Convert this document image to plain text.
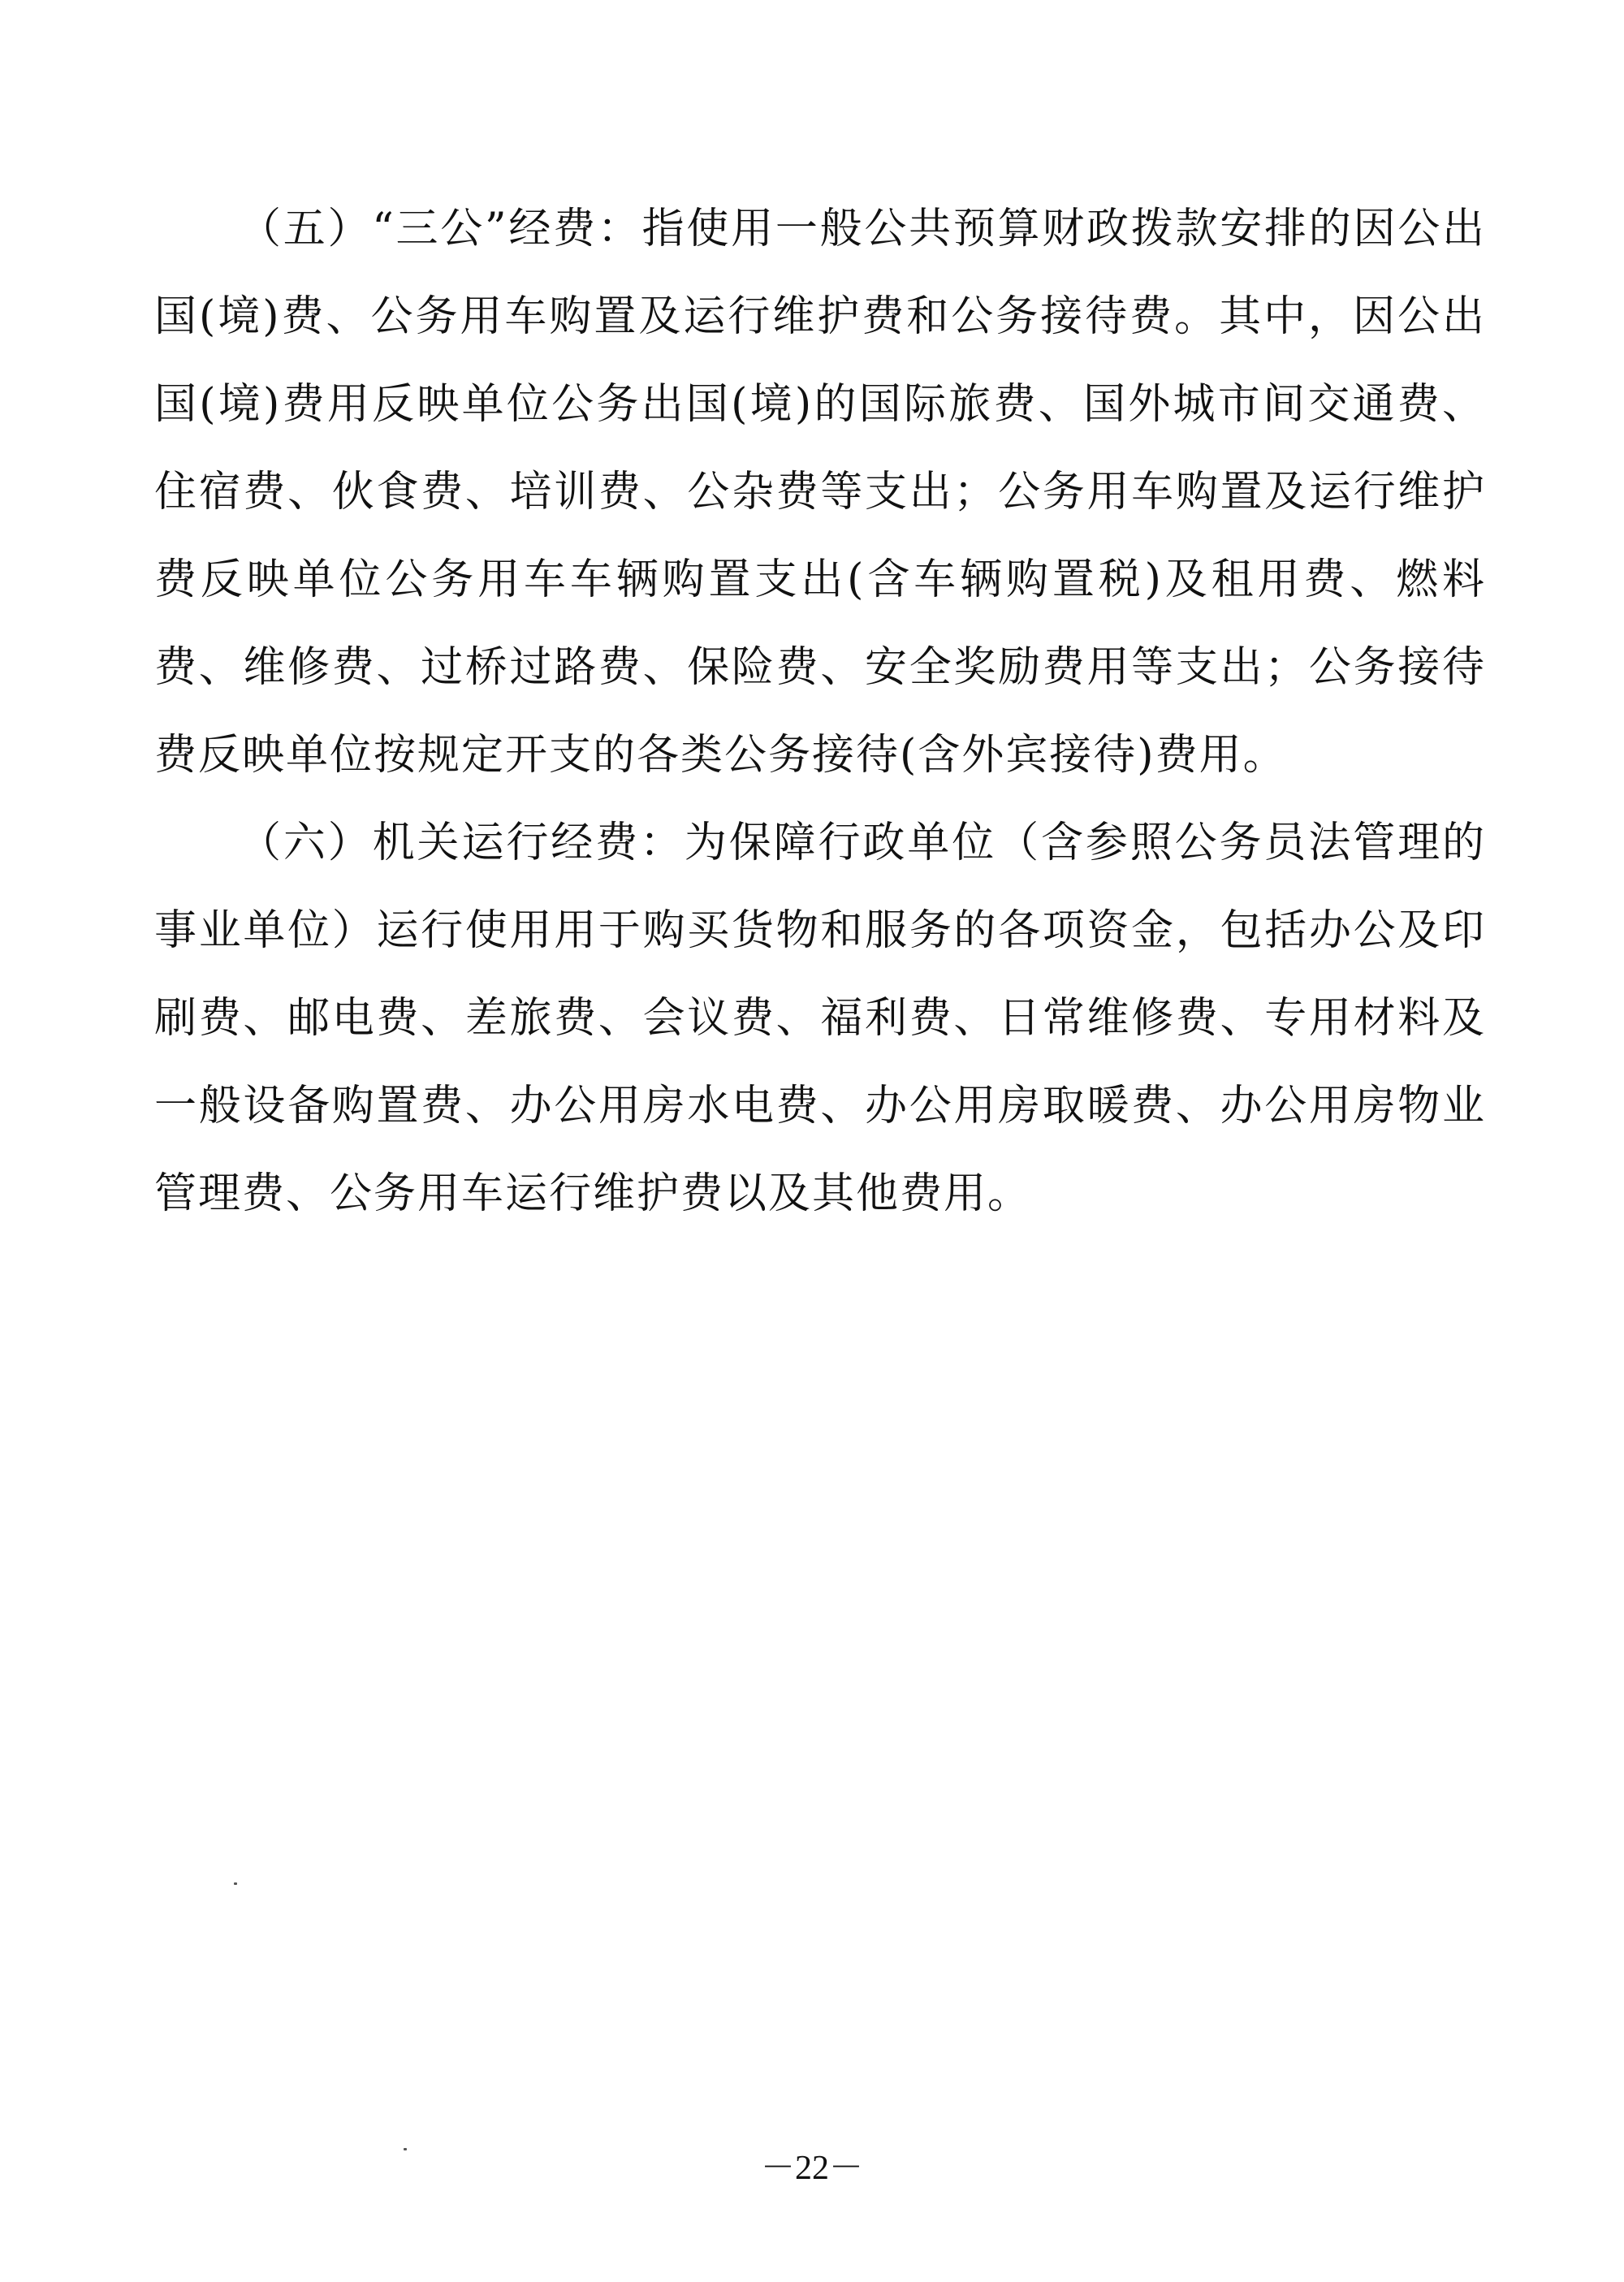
（五）“三公”经费：指使用一般公共预算财政拨款安排的因公出国(境)费、公务用车购置及运行维护费和公务接待费。其中，因公出国(境)费用反映单位公务出国(境)的国际旅费、国外城市间交通费、住宿费、伙食费、培训费、公杂费等支出；公务用车购置及运行维护费反映单位公务用车车辆购置支出(含车辆购置税)及租用费、燃料费、维修费、过桥过路费、保险费、安全奖励费用等支出；公务接待费反映单位按规定开支的各类公务接待(含外宾接待)费用。

（六）机关运行经费：为保障行政单位（含参照公务员法管理的事业单位）运行使用用于购买货物和服务的各项资金，包括办公及印刷费、邮电费、差旅费、会议费、福利费、日常维修费、专用材料及一般设备购置费、办公用房水电费、办公用房取暖费、办公用房物业管理费、公务用车运行维护费以及其他费用。

－22－
